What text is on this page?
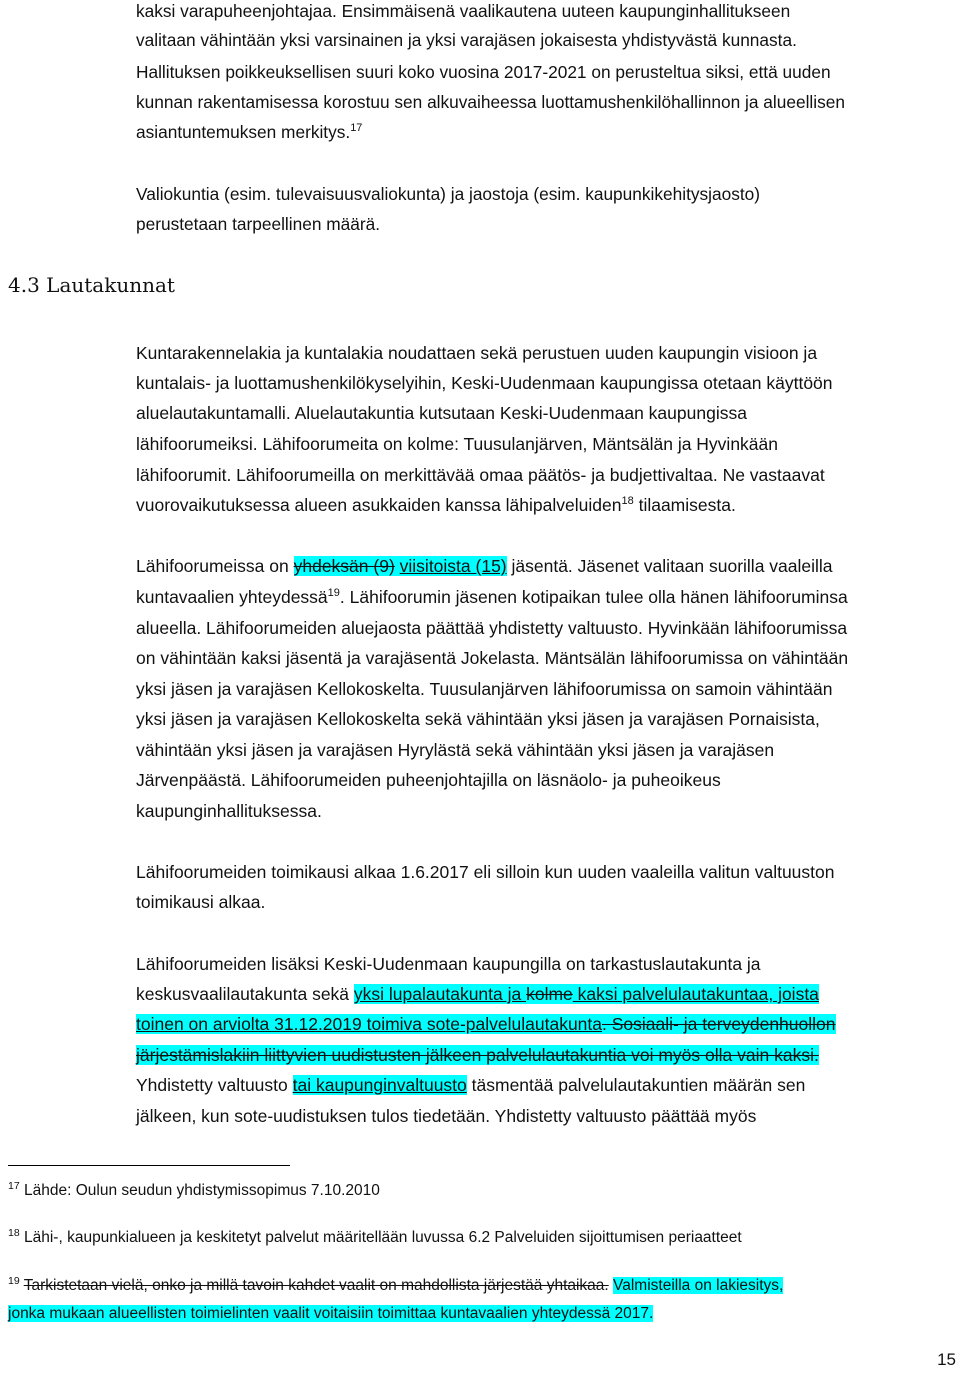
kaksi varapuheenjohtajaa. Ensimmäisenä vaalikautena uuteen kaupunginhallitukseen
valitaan vähintään yksi varsinainen ja yksi varajäsen jokaisesta yhdistyvästä kunnasta.
Hallituksen poikkeuksellisen suuri koko vuosina 2017-2021 on perusteltua siksi, että uuden
kunnan rakentamisessa korostuu sen alkuvaiheessa luottamushenkilöhallinnon ja alueellisen
asiantuntemuksen merkitys.$^{17}$
Valiokuntia (esim. tulevaisuusvaliokunta) ja jaostoja (esim. kaupunkikehitysjaosto)
perustetaan tarpeellinen määrä.
4.3 Lautakunnat
Kuntarakennelakia ja kuntalakia noudattaen sekä perustuen uuden kaupungin visioon ja
kuntalais- ja luottamushenkilökyselyihin, Keski-Uudenmaan kaupungissa otetaan käyttöön
aluelautakuntamalli. Aluelautakuntia kutsutaan Keski-Uudenmaan kaupungissa
lähifoorumeiksi. Lähifoorumeita on kolme: Tuusulanjärven, Mäntsälän ja Hyvinkään
lähifoorumit. Lähifoorumeilla on merkittävää omaa päätös- ja budjettivaltaa. Ne vastaavat
vuorovaikutuksessa alueen asukkaiden kanssa lähipalveluiden$^{18}$ tilaamisesta.
Lähifoorumeissa on yhdeksän (9) viisitoista (15) jäsentä. Jäsenet valitaan suorilla vaaleilla
kuntavaalien yhteydessä$^{19}$. Lähifoorumin jäsenen kotipaikan tulee olla hänen lähifooruminsa
alueella. Lähifoorumeiden aluejaosta päättää yhdistetty valtuusto. Hyvinkään lähifoorumissa
on vähintään kaksi jäsentä ja varajäsentä Jokelasta. Mäntsälän lähifoorumissa on vähintään
yksi jäsen ja varajäsen Kellokoskelta. Tuusulanjärven lähifoorumissa on samoin vähintään
yksi jäsen ja varajäsen Kellokoskelta sekä vähintään yksi jäsen ja varajäsen Pornaisista,
vähintään yksi jäsen ja varajäsen Hyrylästä sekä vähintään yksi jäsen ja varajäsen
Järvenpäästä. Lähifoorumeiden puheenjohtajilla on läsnäolo- ja puheoikeus
kaupunginhallituksessa.
Lähifoorumeiden toimikausi alkaa 1.6.2017 eli silloin kun uuden vaaleilla valitun valtuuston
toimikausi alkaa.
Lähifoorumeiden lisäksi Keski-Uudenmaan kaupungilla on tarkastuslautakunta ja
keskusvaalilautakunta sekä yksi lupalautakunta ja kolme kaksi palvelulautakuntaa, joista
toinen on arviolta 31.12.2019 toimiva sote-palvelulautakunta. Sosiaali- ja terveydenhuollon
järjestämislakiin liittyvien uudistusten jälkeen palvelulautakuntia voi myös olla vain kaksi.
Yhdistetty valtuusto tai kaupunginvaltuusto täsmentää palvelulautakuntien määrän sen
jälkeen, kun sote-uudistuksen tulos tiedetään. Yhdistetty valtuusto päättää myös
$^{17}$ Lähde: Oulun seudun yhdistymissopimus 7.10.2010
$^{18}$ Lähi-, kaupunkialueen ja keskitetyt palvelut määritellään luvussa 6.2 Palveluiden sijoittumisen periaatteet
$^{19}$ Tarkistetaan vielä, onko ja millä tavoin kahdet vaalit on mahdollista järjestää yhtaikaa. Valmisteilla on lakiesitys,
jonka mukaan alueellisten toimielinten vaalit voitaisiin toimittaa kuntavaalien yhteydessä 2017.
15
